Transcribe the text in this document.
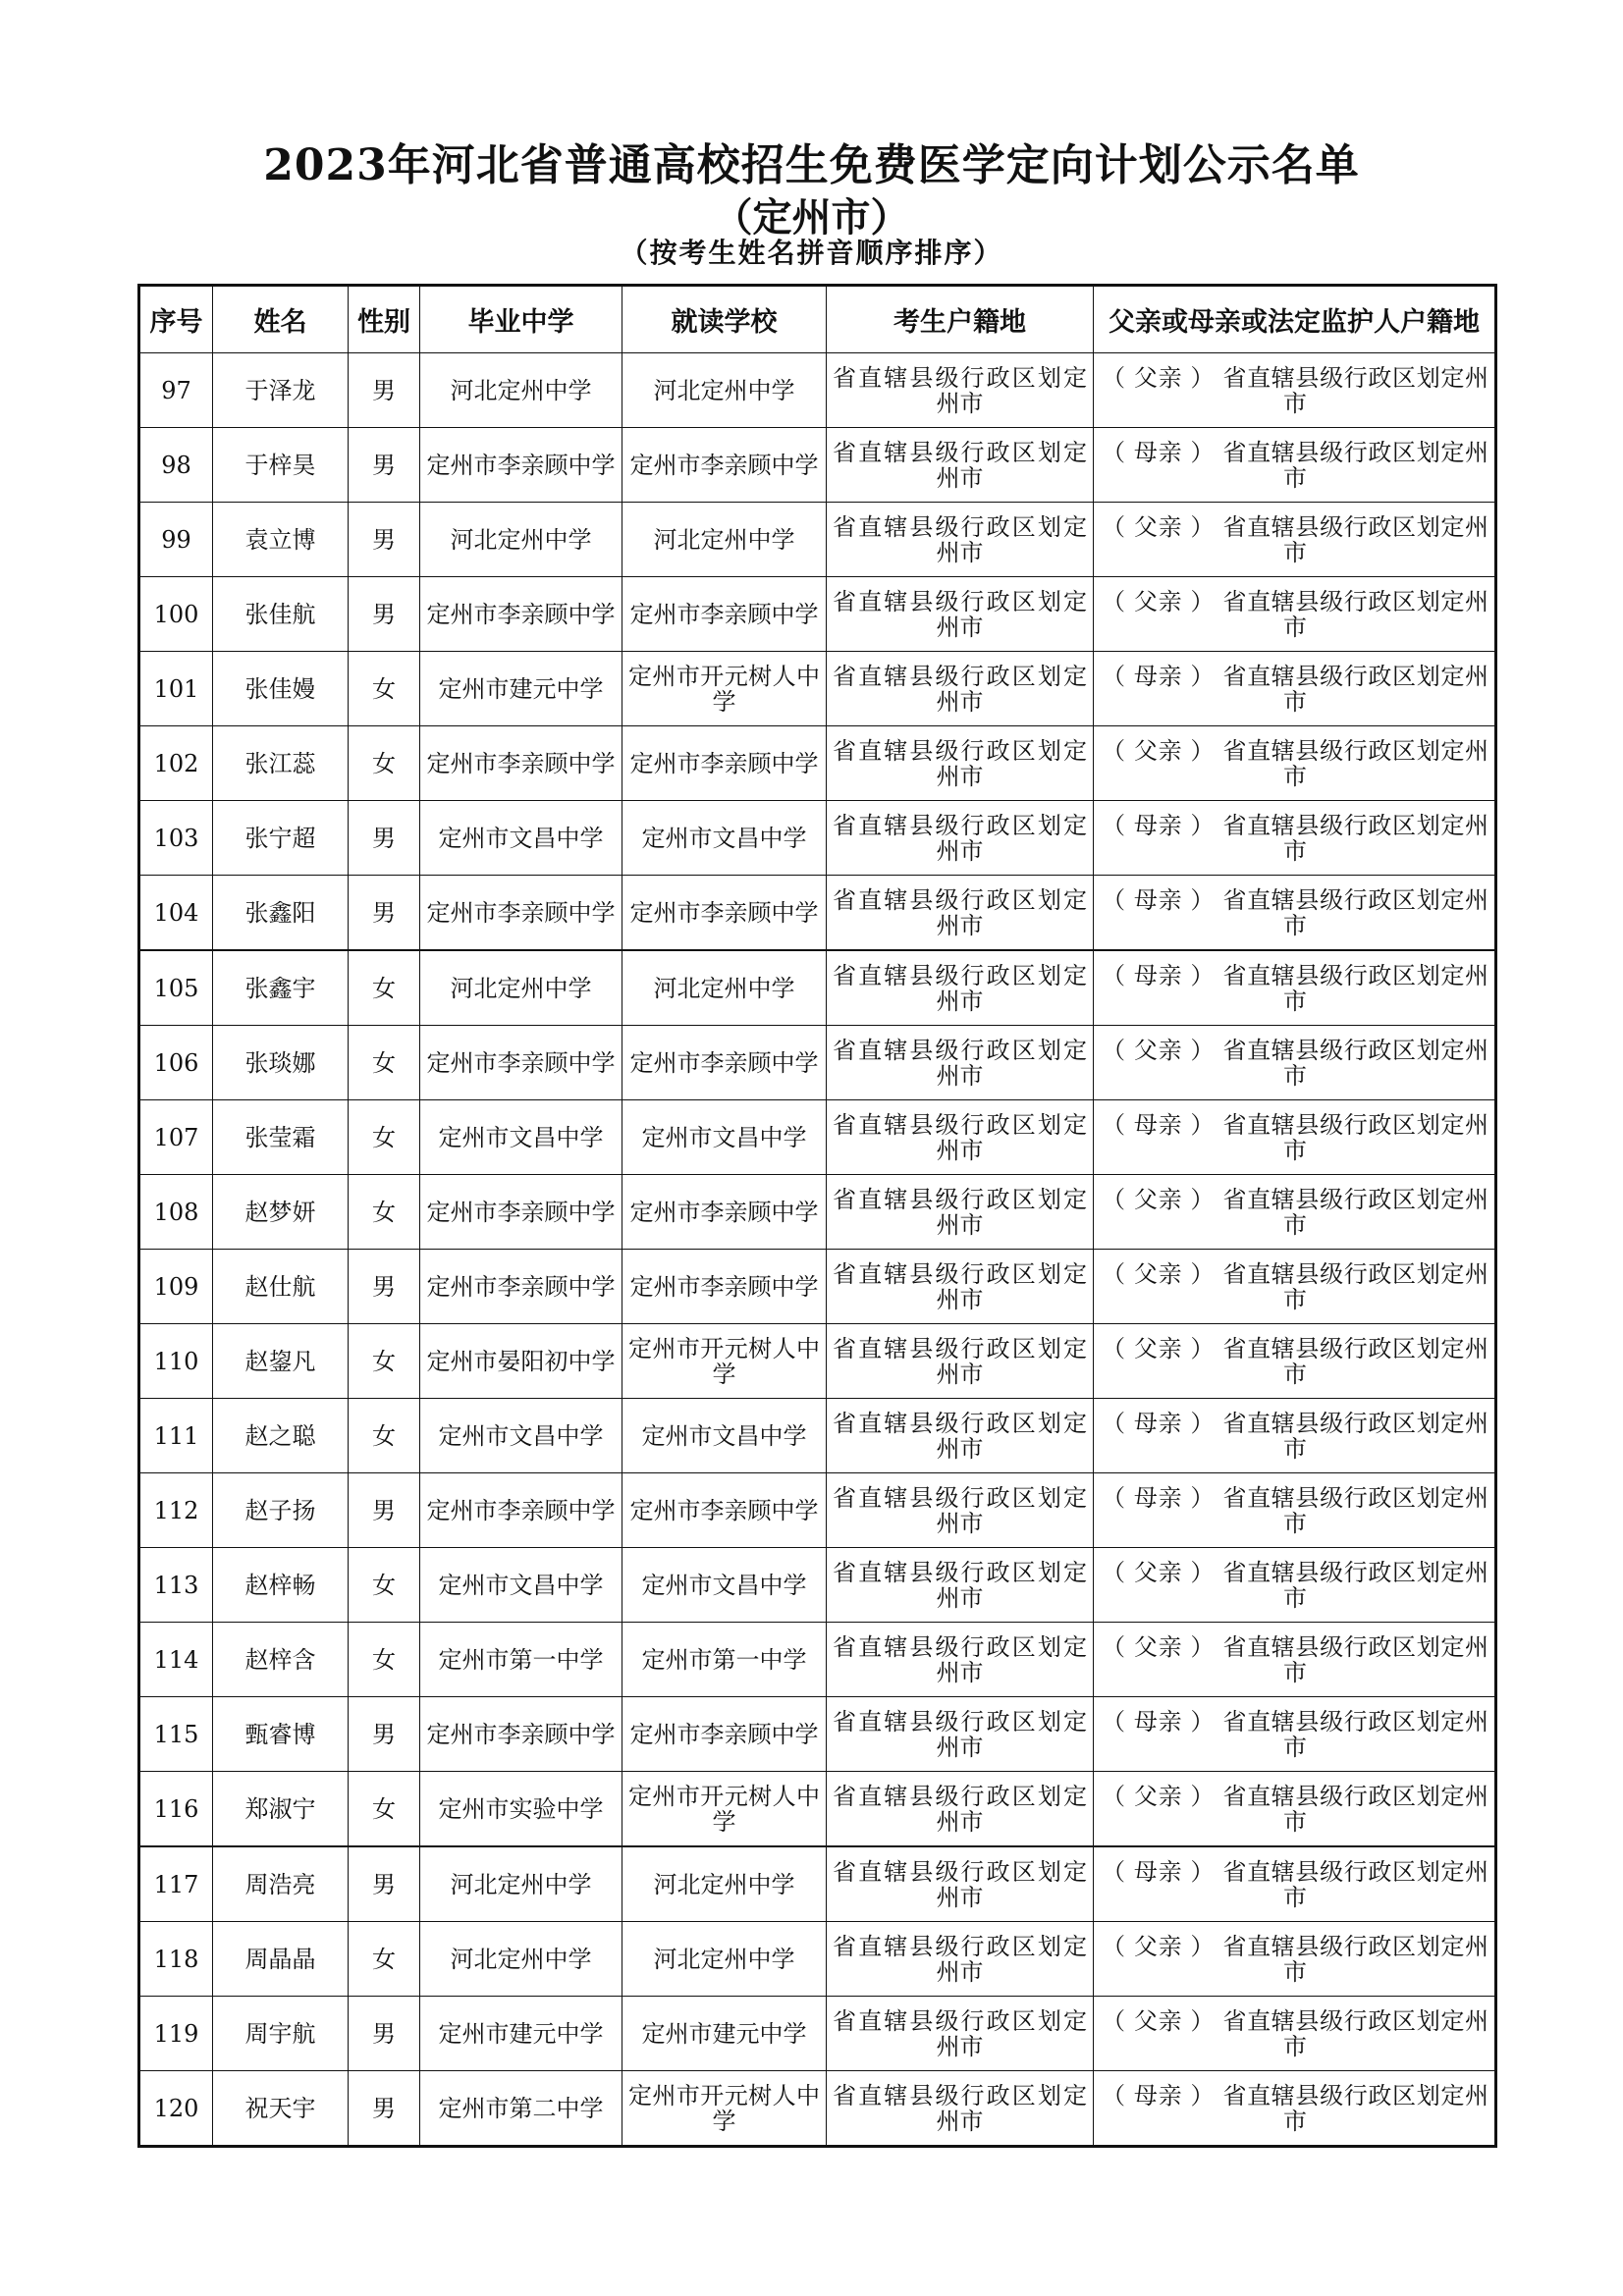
2023年河北省普通高校招生免费医学定向计划公示名单
（定州市）
（按考生姓名拼音顺序排序）
序号	姓名	性别	毕业中学	就读学校	考生户籍地	父亲或母亲或法定监护人户籍地
97	于泽龙	男	河北定州中学	河北定州中学	省直辖县级行政区划定州市	（ 父亲 ） 省直辖县级行政区划定州市
98	于梓昊	男	定州市李亲顾中学	定州市李亲顾中学	省直辖县级行政区划定州市	（ 母亲 ） 省直辖县级行政区划定州市
99	袁立博	男	河北定州中学	河北定州中学	省直辖县级行政区划定州市	（ 父亲 ） 省直辖县级行政区划定州市
100	张佳航	男	定州市李亲顾中学	定州市李亲顾中学	省直辖县级行政区划定州市	（ 父亲 ） 省直辖县级行政区划定州市
101	张佳嫚	女	定州市建元中学	定州市开元树人中学	省直辖县级行政区划定州市	（ 母亲 ） 省直辖县级行政区划定州市
102	张江蕊	女	定州市李亲顾中学	定州市李亲顾中学	省直辖县级行政区划定州市	（ 父亲 ） 省直辖县级行政区划定州市
103	张宁超	男	定州市文昌中学	定州市文昌中学	省直辖县级行政区划定州市	（ 母亲 ） 省直辖县级行政区划定州市
104	张鑫阳	男	定州市李亲顾中学	定州市李亲顾中学	省直辖县级行政区划定州市	（ 母亲 ） 省直辖县级行政区划定州市
105	张鑫宇	女	河北定州中学	河北定州中学	省直辖县级行政区划定州市	（ 母亲 ） 省直辖县级行政区划定州市
106	张琰娜	女	定州市李亲顾中学	定州市李亲顾中学	省直辖县级行政区划定州市	（ 父亲 ） 省直辖县级行政区划定州市
107	张莹霜	女	定州市文昌中学	定州市文昌中学	省直辖县级行政区划定州市	（ 母亲 ） 省直辖县级行政区划定州市
108	赵梦妍	女	定州市李亲顾中学	定州市李亲顾中学	省直辖县级行政区划定州市	（ 父亲 ） 省直辖县级行政区划定州市
109	赵仕航	男	定州市李亲顾中学	定州市李亲顾中学	省直辖县级行政区划定州市	（ 父亲 ） 省直辖县级行政区划定州市
110	赵鋆凡	女	定州市晏阳初中学	定州市开元树人中学	省直辖县级行政区划定州市	（ 父亲 ） 省直辖县级行政区划定州市
111	赵之聪	女	定州市文昌中学	定州市文昌中学	省直辖县级行政区划定州市	（ 母亲 ） 省直辖县级行政区划定州市
112	赵子扬	男	定州市李亲顾中学	定州市李亲顾中学	省直辖县级行政区划定州市	（ 母亲 ） 省直辖县级行政区划定州市
113	赵梓畅	女	定州市文昌中学	定州市文昌中学	省直辖县级行政区划定州市	（ 父亲 ） 省直辖县级行政区划定州市
114	赵梓含	女	定州市第一中学	定州市第一中学	省直辖县级行政区划定州市	（ 父亲 ） 省直辖县级行政区划定州市
115	甄睿博	男	定州市李亲顾中学	定州市李亲顾中学	省直辖县级行政区划定州市	（ 母亲 ） 省直辖县级行政区划定州市
116	郑淑宁	女	定州市实验中学	定州市开元树人中学	省直辖县级行政区划定州市	（ 父亲 ） 省直辖县级行政区划定州市
117	周浩亮	男	河北定州中学	河北定州中学	省直辖县级行政区划定州市	（ 母亲 ） 省直辖县级行政区划定州市
118	周晶晶	女	河北定州中学	河北定州中学	省直辖县级行政区划定州市	（ 父亲 ） 省直辖县级行政区划定州市
119	周宇航	男	定州市建元中学	定州市建元中学	省直辖县级行政区划定州市	（ 父亲 ） 省直辖县级行政区划定州市
120	祝天宇	男	定州市第二中学	定州市开元树人中学	省直辖县级行政区划定州市	（ 母亲 ） 省直辖县级行政区划定州市
